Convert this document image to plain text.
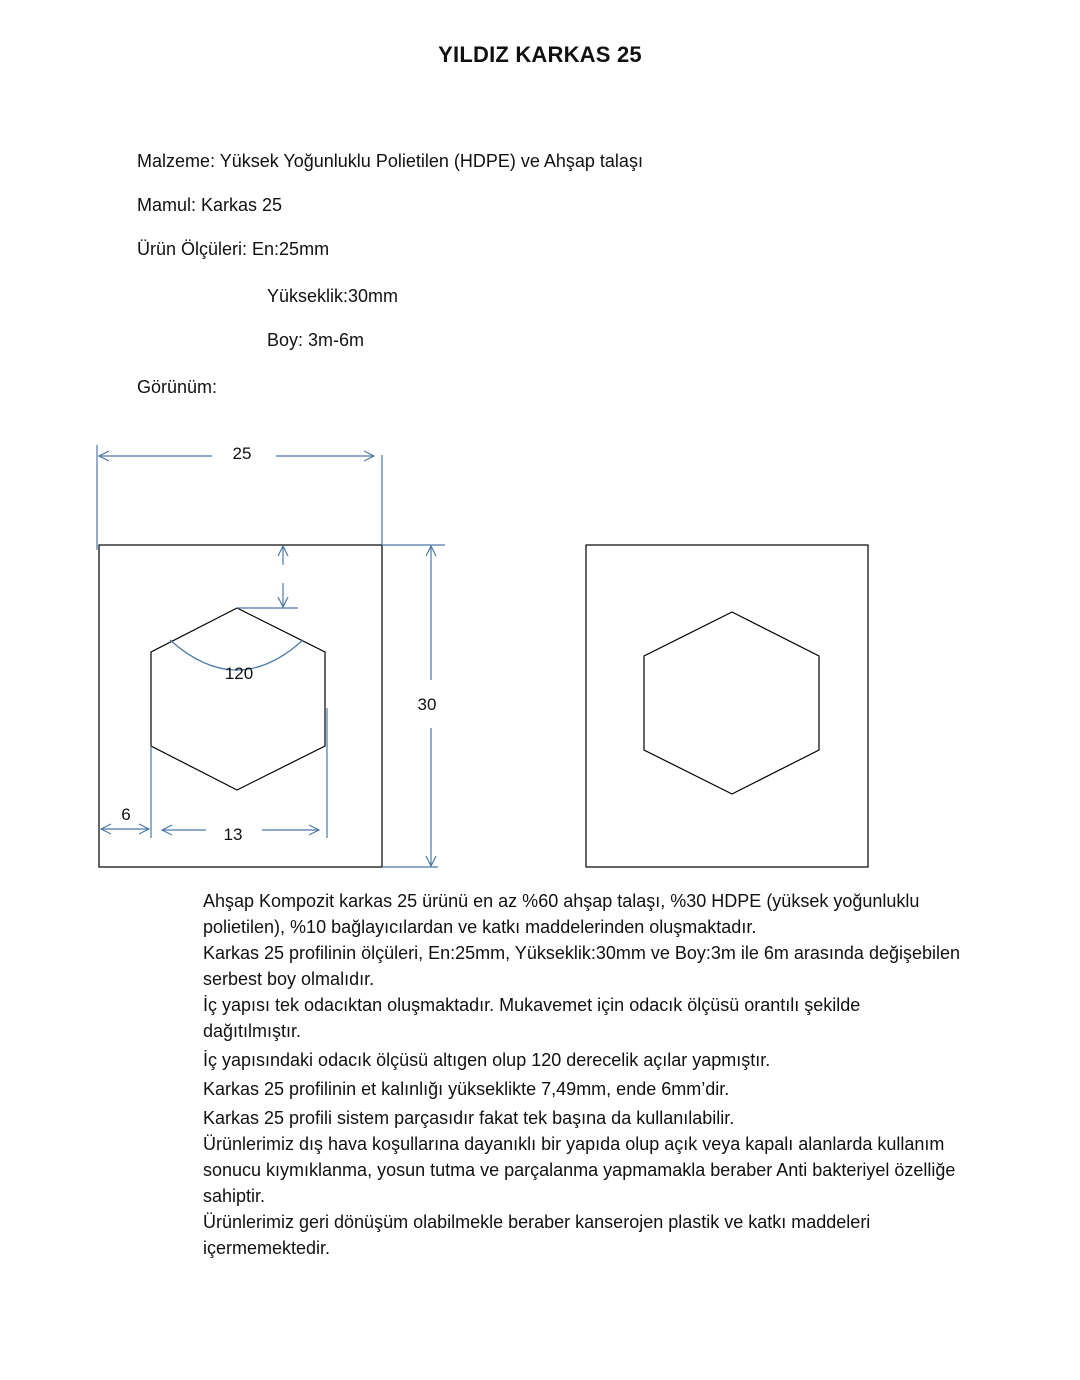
YILDIZ KARKAS 25
Malzeme: Yüksek Yoğunluklu Polietilen (HDPE) ve Ahşap talaşı
Mamul: Karkas 25
Ürün Ölçüleri: En:25mm
Yükseklik:30mm
Boy: 3m-6m
Görünüm:
25
30
120
13
6

Ahşap Kompozit karkas 25 ürünü en az %60 ahşap talaşı, %30 HDPE (yüksek yoğunluklu polietilen), %10 bağlayıcılardan ve katkı maddelerinden oluşmaktadır.

Karkas 25 profilinin ölçüleri, En:25mm, Yükseklik:30mm ve Boy:3m ile 6m arasında değişebilen serbest boy olmalıdır.

İç yapısı tek odacıktan oluşmaktadır. Mukavemet için odacık ölçüsü orantılı şekilde dağıtılmıştır.

İç yapısındaki odacık ölçüsü altıgen olup 120 derecelik açılar yapmıştır.

Karkas 25 profilinin et kalınlığı yükseklikte 7,49mm, ende 6mm’dir.

Karkas 25 profili sistem parçasıdır fakat tek başına da kullanılabilir.

Ürünlerimiz dış hava koşullarına dayanıklı bir yapıda olup açık veya kapalı alanlarda kullanım sonucu kıymıklanma, yosun tutma ve parçalanma yapmamakla beraber Anti bakteriyel özelliğe sahiptir.

Ürünlerimiz geri dönüşüm olabilmekle beraber kanserojen plastik ve katkı maddeleri içermemektedir.
